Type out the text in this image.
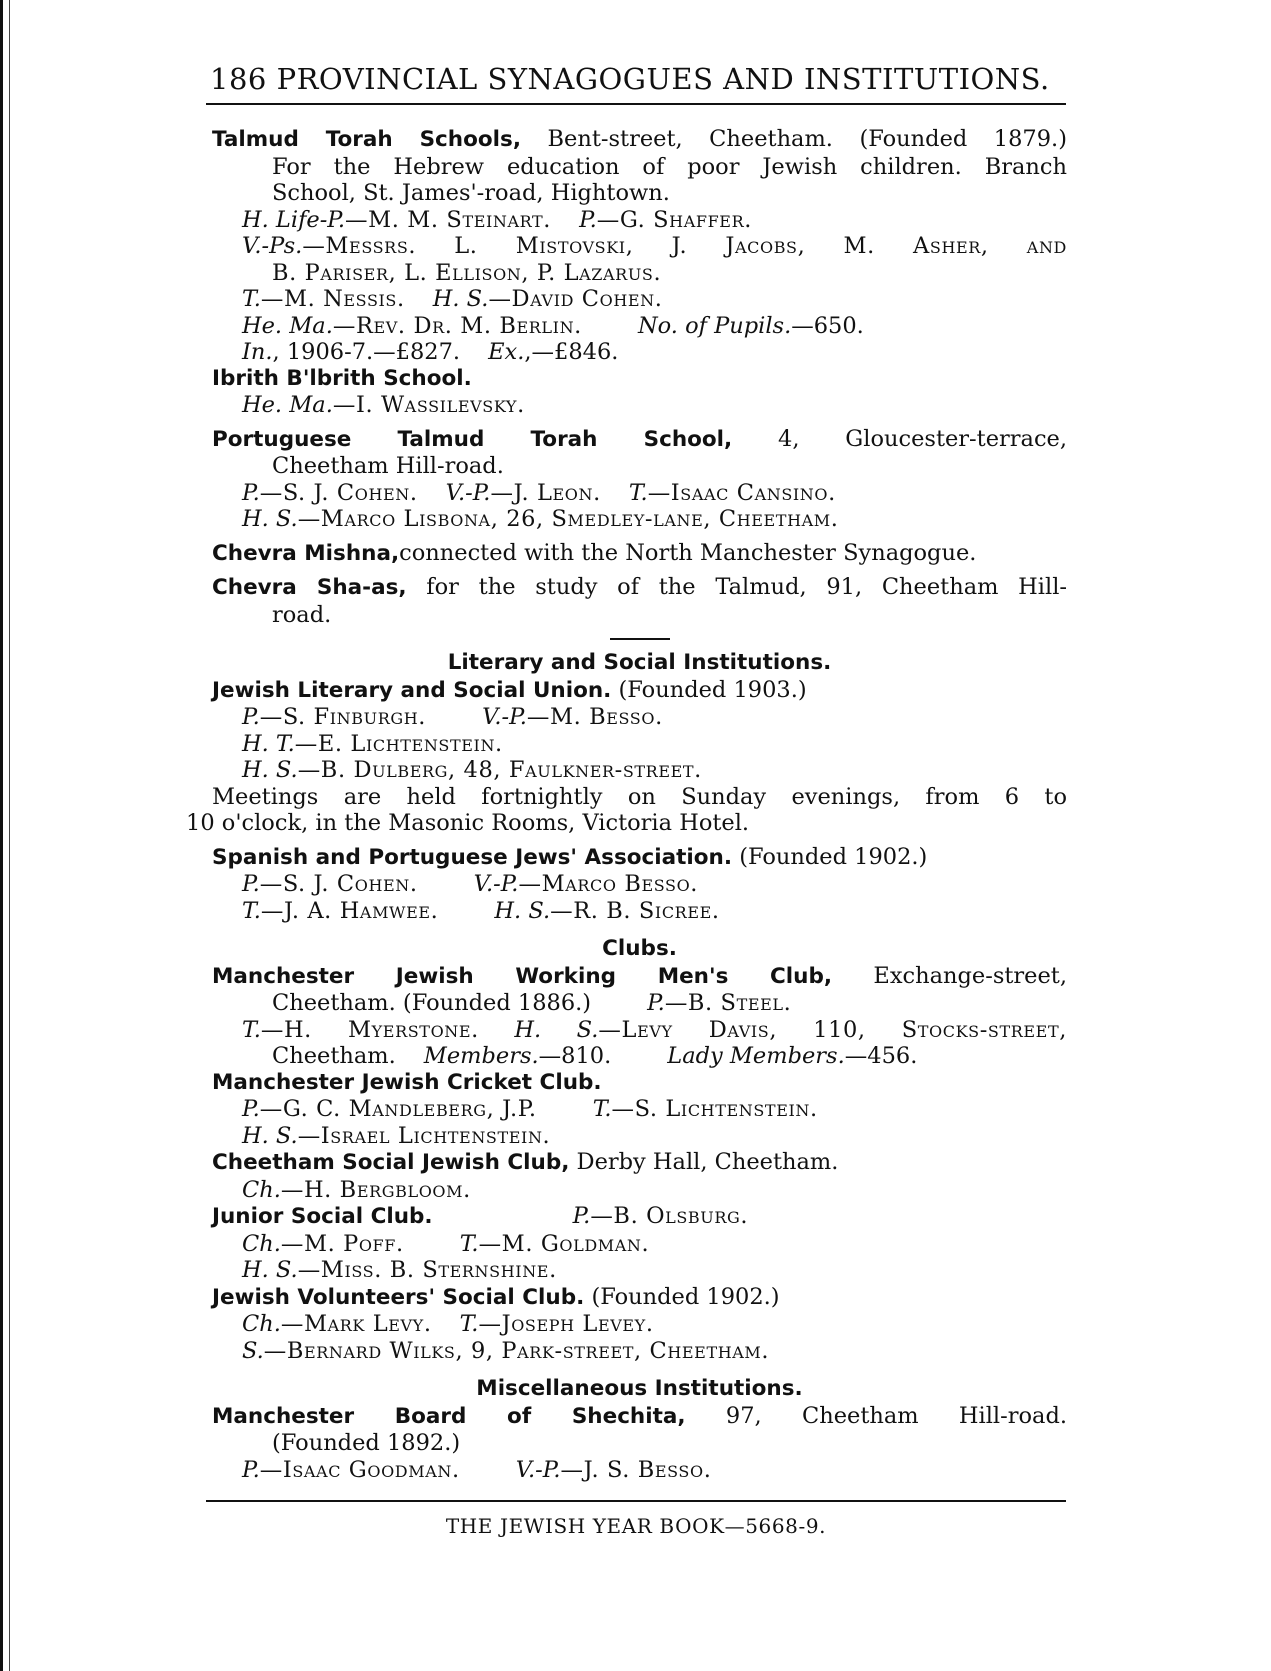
186 PROVINCIAL SYNAGOGUES AND INSTITUTIONS.

Talmud Torah Schools, Bent-street, Cheetham. (Founded 1879.)

For the Hebrew education of poor Jewish children. Branch

School, St. James'-road, Hightown.

H. Life-P.—M. M. Steinart. P.—G. Shaffer.

V.-Ps.—Messrs. L. Mistovski, J. Jacobs, M. Asher, and

B. Pariser, L. Ellison, P. Lazarus.

T.—M. Nessis. H. S.—David Cohen.

He. Ma.—Rev. Dr. M. Berlin. No. of Pupils.—650.

In., 1906-7.—£827. Ex.,—£846.

Ibrith B'lbrith School.

He. Ma.—I. Wassilevsky.

Portuguese Talmud Torah School, 4, Gloucester-terrace,

Cheetham Hill-road.

P.—S. J. Cohen. V.-P.—J. Leon. T.—Isaac Cansino.

H. S.—Marco Lisbona, 26, Smedley-lane, Cheetham.

Chevra Mishna,connected with the North Manchester Synagogue.

Chevra Sha-as, for the study of the Talmud, 91, Cheetham Hill-

road.

Literary and Social Institutions.

Jewish Literary and Social Union. (Founded 1903.)

P.—S. Finburgh. V.-P.—M. Besso.

H. T.—E. Lichtenstein.

H. S.—B. Dulberg, 48, Faulkner-street.

Meetings are held fortnightly on Sunday evenings, from 6 to

10 o'clock, in the Masonic Rooms, Victoria Hotel.

Spanish and Portuguese Jews' Association. (Founded 1902.)

P.—S. J. Cohen. V.-P.—Marco Besso.

T.—J. A. Hamwee. H. S.—R. B. Sicree.

Clubs.

Manchester Jewish Working Men's Club, Exchange-street,

Cheetham. (Founded 1886.) P.—B. Steel.

T.—H. Myerstone. H. S.—Levy Davis, 110, Stocks-street,

Cheetham. Members.—810. Lady Members.—456.

Manchester Jewish Cricket Club.

P.—G. C. Mandleberg, J.P. T.—S. Lichtenstein.

H. S.—Israel Lichtenstein.

Cheetham Social Jewish Club, Derby Hall, Cheetham.

Ch.—H. Bergbloom.

Junior Social Club.	P.—B. Olsburg.

Ch.—M. Poff. T.—M. Goldman.

H. S.—Miss. B. Sternshine.

Jewish Volunteers' Social Club. (Founded 1902.)

Ch.—Mark Levy. T.—Joseph Levey.

S.—Bernard Wilks, 9, Park-street, Cheetham.

Miscellaneous Institutions.

Manchester Board of Shechita, 97, Cheetham Hill-road.

(Founded 1892.)

P.—Isaac Goodman. V.-P.—J. S. Besso.

THE JEWISH YEAR BOOK—5668-9.
